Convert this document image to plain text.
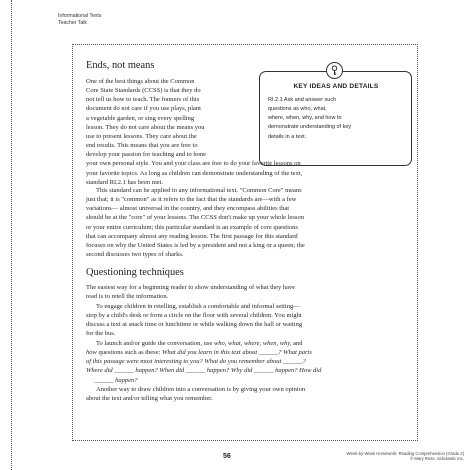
Informational Texts
Teacher Talk
Ends, not means
KEY IDEAS AND DETAILS
RI.2.1 Ask and answer such
questions as who, what,
where, when, why, and how to
demonstrate understanding of key
details in a text.

One of the best things about the Common
Core State Standards (CCSS) is that they do
not tell us how to teach. The framers of this
document do not care if you use plays, plant
a vegetable garden, or sing every spelling
lesson. They do not care about the means you
use to present lessons. They care about the
end results. This means that you are free to
develop your passion for teaching and to hone
your own personal style. You and your class are free to do your favorite lessons on
your favorite topics. As long as children can demonstrate understanding of the text,
standard RI.2.1 has been met.

This standard can be applied to any informational text. "Common Core" means
just that; it is "common" as it refers to the fact that the standards are—with a few
variations— almost universal in the country, and they encompass abilities that
should be at the "core" of your lessons. The CCSS don't make up your whole lesson
or your entire curriculum; this particular standard is an example of core questions
that can accompany almost any reading lesson. The first passage for this standard
focuses on why the United States is led by a president and not a king or a queen; the
second discusses two types of sharks.

Questioning techniques

The easiest way for a beginning reader to show understanding of what they have
read is to retell the information.

To engage children in retelling, establish a comfortable and informal setting—
stop by a child's desk or form a circle on the floor with several children. You might
discuss a text at snack time or lunchtime or while walking down the hall or waiting
for the bus.

To launch and/or guide the conversation, use who, what, where, when, why, and
how questions such as these: What did you learn in this text about ______? What parts
of this passage were most interesting to you? What do you remember about ______?
Where did ______ happen? When did ______ happen? Why did ______ happen? How did
______ happen?

Another way to draw children into a conversation is by giving your own opinion
about the text and/or telling what you remember.

56	Week-by-Week Homework: Reading Comprehension (Grade 2)
© Mary Rose, Scholastic Inc.
